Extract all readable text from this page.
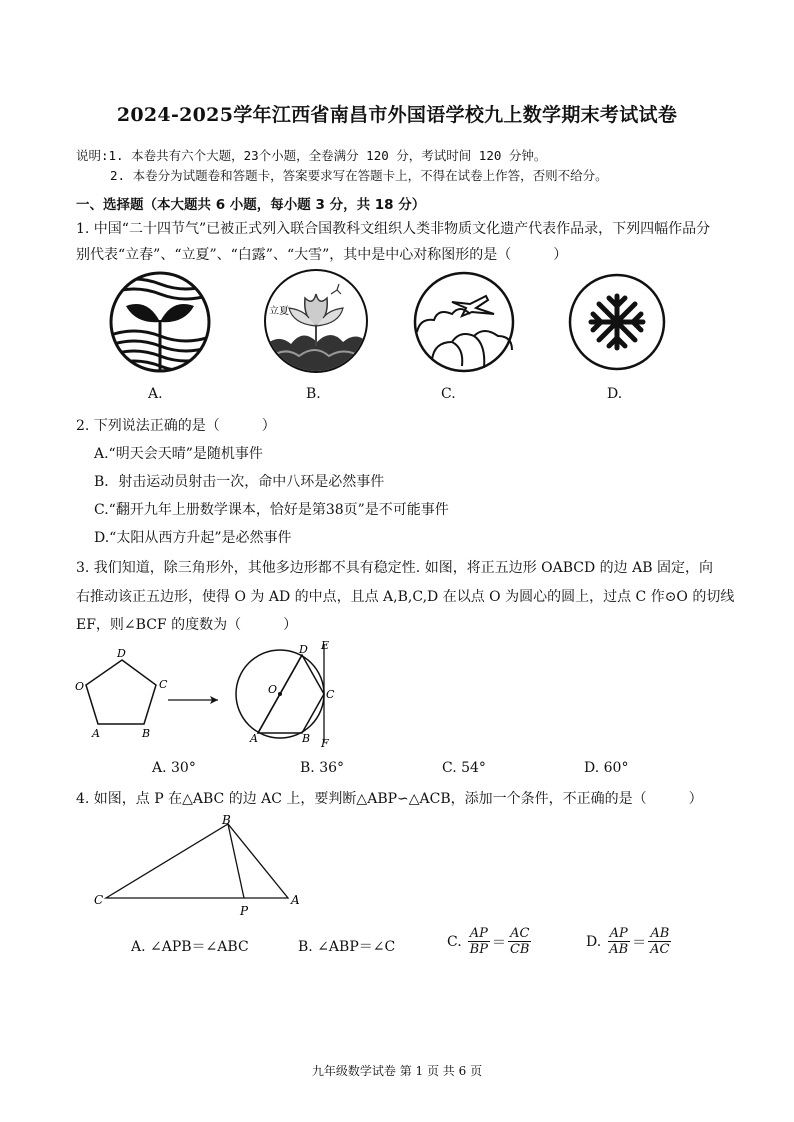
2024-2025学年江西省南昌市外国语学校九上数学期末考试试卷
说明:1. 本卷共有六个大题，23个小题，全卷满分 120 分，考试时间 120 分钟。
2. 本卷分为试题卷和答题卡，答案要求写在答题卡上，不得在试卷上作答，否则不给分。
一、选择题（本大题共 6 小题，每小题 3 分，共 18 分）
1. 中国“二十四节气”已被正式列入联合国教科文组织人类非物质文化遗产代表作品录，下列四幅作品分
别代表“立春”、“立夏”、“白露”、“大雪”，其中是中心对称图形的是（　　　）
立夏
A.	B.	C.	D.
2. 下列说法正确的是（　　　）
A.“明天会天晴”是随机事件
B．射击运动员射击一次，命中八环是必然事件
C.“翻开九年上册数学课本，恰好是第38页”是不可能事件
D.“太阳从西方升起”是必然事件
3. 我们知道，除三角形外，其他多边形都不具有稳定性. 如图，将正五边形 OABCD 的边 AB 固定，向
右推动该正五边形，使得 O 为 AD 的中点，且点 A,B,C,D 在以点 O 为圆心的圆上，过点 C 作⊙O 的切线
EF，则∠BCF 的度数为（　　　）
D
C
O
A	B
O
D E
C
A	B F
A. 30°	B. 36°	C. 54°	D. 60°
4. 如图，点 P 在△ABC 的边 AC 上，要判断△ABP∽△ACB，添加一个条件，不正确的是（　　　）
B
C	A
P
A. ∠APB＝∠ABC	B. ∠ABP＝∠C	C. $\frac{AP}{BP} = \frac{AC}{CB}$	D. $\frac{AP}{AB} = \frac{AB}{AC}$
九年级数学试卷 第 1 页 共 6 页
